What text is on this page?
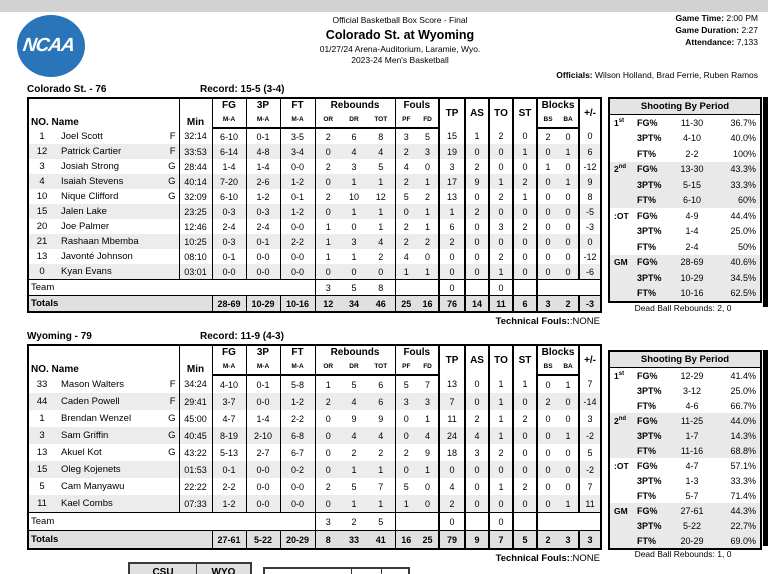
NCAA
®
Official Basketball Box Score - Final
Colorado St. at Wyoming
01/27/24 Arena-Auditorium, Laramie, Wyo.
2023-24 Men's Basketball
Game Time: 2:00 PM
Game Duration: 2:27
Attendance: 7,133
Officials: Wilson Holland, Brad Ferrie, Ruben Ramos
Colorado St. - 76	Record: 15-5 (3-4)
NO. Name	Min	FG	3P	FT	Rebounds			Fouls		TP	AS	TO	ST	Blocks		+/-
		M-A	M-A	M-A	OR	DR	TOT	PF	FD					BS	BA	
1 Joel Scott F	32:14	6-10	0-1	3-5	2	6	8	3	5	15	1	2	0	2	0	0
12 Patrick Cartier F	33:53	6-14	4-8	3-4	0	4	4	2	3	19	0	0	1	0	1	6
3 Josiah Strong G	28:44	1-4	1-4	0-0	2	3	5	4	0	3	2	0	0	1	0	-12
4 Isaiah Stevens G	40:14	7-20	2-6	1-2	0	1	1	2	1	17	9	1	2	0	1	9
10 Nique Clifford G	32:09	6-10	1-2	0-1	2	10	12	5	2	13	0	2	1	0	0	8
15 Jalen Lake	23:25	0-3	0-3	1-2	0	1	1	0	1	1	2	0	0	0	0	-5
20 Joe Palmer	12:46	2-4	2-4	0-0	1	0	1	2	1	6	0	3	2	0	0	-3
21 Rashaan Mbemba	10:25	0-3	0-1	2-2	1	3	4	2	2	2	0	0	0	0	0	0
13 Javonté Johnson	08:10	0-1	0-0	0-0	1	1	2	4	0	0	0	2	0	0	0	-12
0 Kyan Evans	03:01	0-0	0-0	0-0	0	0	0	1	1	0	0	1	0	0	0	-6
Team					3	5	8			0		0				
Totals		28-69	10-29	10-16	12	34	46	25	16	76	14	11	6	3	2	-3
Technical Fouls::NONE
Wyoming - 79	Record: 11-9 (4-3)
NO. Name	Min	FG	3P	FT	Rebounds			Fouls		TP	AS	TO	ST	Blocks		+/-
		M-A	M-A	M-A	OR	DR	TOT	PF	FD					BS	BA	
33 Mason Walters F	34:24	4-10	0-1	5-8	1	5	6	5	7	13	0	1	1	0	1	7
44 Caden Powell F	29:41	3-7	0-0	1-2	2	4	6	3	3	7	0	1	0	2	0	-14
1 Brendan Wenzel G	45:00	4-7	1-4	2-2	0	9	9	0	1	11	2	1	2	0	0	3
3 Sam Griffin G	40:45	8-19	2-10	6-8	0	4	4	0	4	24	4	1	0	0	1	-2
13 Akuel Kot G	43:22	5-13	2-7	6-7	0	2	2	2	9	18	3	2	0	0	0	5
15 Oleg Kojenets	01:53	0-1	0-0	0-2	0	1	1	0	1	0	0	0	0	0	0	-2
5 Cam Manyawu	22:22	2-2	0-0	0-0	2	5	7	5	0	4	0	1	2	0	0	7
11 Kael Combs	07:33	1-2	0-0	0-0	0	1	1	1	0	2	0	0	0	0	1	11
Team					3	2	5			0		0				
Totals		27-61	5-22	20-29	8	33	41	16	25	79	9	7	5	2	3	3
Technical Fouls::NONE
Shooting By Period
1st	FG%	11-30	36.7%
3PT%	4-10	40.0%
FT%	2-2	100%
2nd	FG%	13-30	43.3%
3PT%	5-15	33.3%
FT%	6-10	60%
:OT FG%	4-9	44.4%
3PT%	1-4	25.0%
FT%	2-4	50%
GM	FG%	28-69	40.6%
3PT%	10-29	34.5%
FT%	10-16	62.5%
Dead Ball Rebounds: 2, 0
Shooting By Period
1st	FG%	12-29	41.4%
3PT%	3-12	25.0%
FT%	4-6	66.7%
2nd	FG%	11-25	44.0%
3PT%	1-7	14.3%
FT%	11-16	68.8%
:OT FG%	4-7	57.1%
3PT%	1-3	33.3%
FT%	5-7	71.4%
GM	FG%	27-61	44.3%
3PT%	5-22	22.7%
FT%	20-29	69.0%
Dead Ball Rebounds: 1, 0
CSU	WYO
